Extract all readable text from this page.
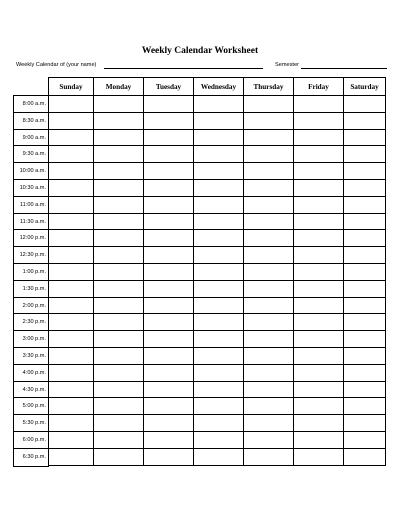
Weekly Calendar Worksheet
Weekly Calendar of (your name)	Semester
Sunday	Monday	Tuesday	Wednesday	Thursday	Friday	Saturday

8:00 a.m.
8:30 a.m.
9:00 a.m.
9:30 a.m.
10:00 a.m.
10:30 a.m.
11:00 a.m.
11:30 a.m.
12:00 p.m.
12:30 p.m.
1:00 p.m.
1:30 p.m.
2:00 p.m.
2:30 p.m.
3:00 p.m.
3:30 p.m.
4:00 p.m.
4:30 p.m.
5:00 p.m.
5:30 p.m.
6:00 p.m.
6:30 p.m.
